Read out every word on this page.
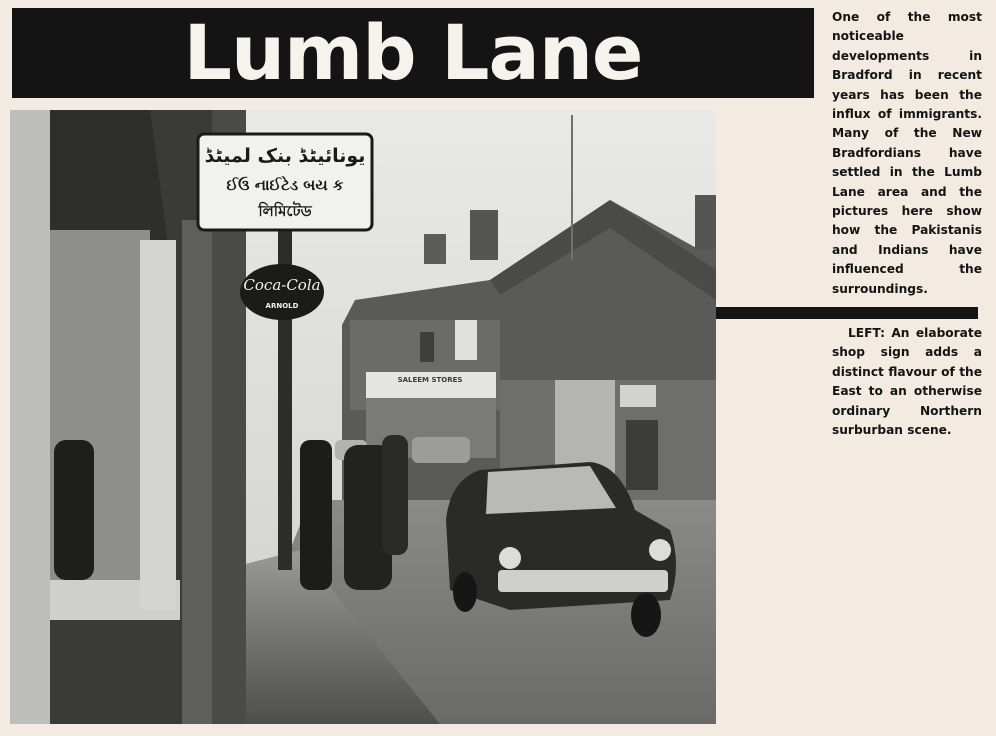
Lumb Lane
یونائیٹڈ بنک لمیٹڈ
ઈઉ નાઈટેડ બય ક
লিমিটেড
Coca-Cola
ARNOLD
SALEEM STORES
One of the most noticeable developments in Bradford in recent years has been the influx of immigrants. Many of the New Bradfordians have settled in the Lumb Lane area and the pictures here show how the Pakistanis and Indians have influenced the surroundings.
LEFT: An elaborate shop sign adds a distinct flavour of the East to an otherwise ordinary Northern surburban scene.
